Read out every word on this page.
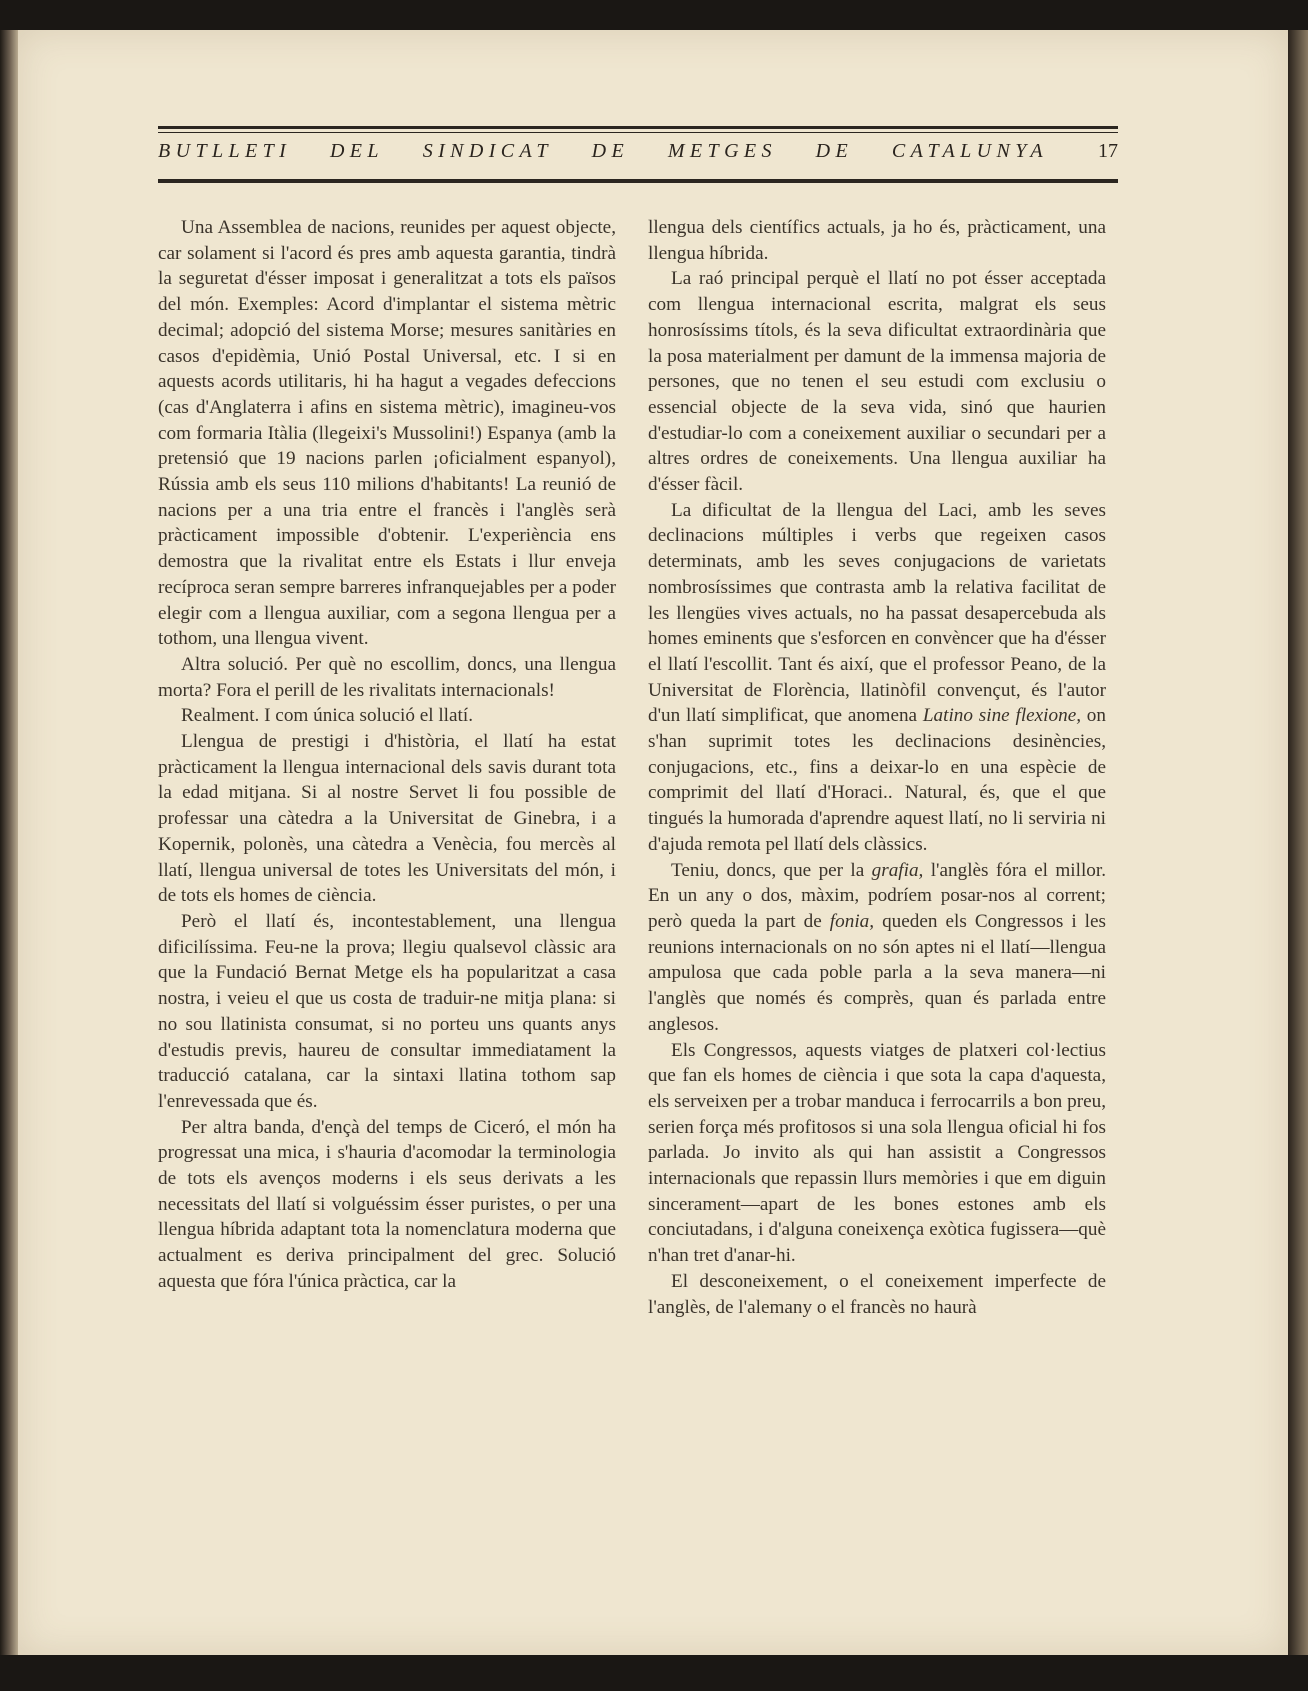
BUTLLETI DEL SINDICAT DE METGES DE CATALUNYA	17

Una Assemblea de nacions, reunides per aquest objecte, car solament si l'acord és pres amb aquesta garantia, tindrà la seguretat d'ésser imposat i generalitzat a tots els països del món. Exemples: Acord d'implantar el sistema mètric decimal; adopció del sistema Morse; mesures sanitàries en casos d'epidèmia, Unió Postal Universal, etc. I si en aquests acords utilitaris, hi ha hagut a vegades defeccions (cas d'Anglaterra i afins en sistema mètric), imagineu-vos com formaria Itàlia (llegeixi's Mussolini!) Espanya (amb la pretensió que 19 nacions parlen ¡oficialment espanyol), Rússia amb els seus 110 milions d'habitants! La reunió de nacions per a una tria entre el francès i l'anglès serà pràcticament impossible d'obtenir. L'experiència ens demostra que la rivalitat entre els Estats i llur enveja recíproca seran sempre barreres infranquejables per a poder elegir com a llengua auxiliar, com a segona llengua per a tothom, una llengua vivent.

Altra solució. Per què no escollim, doncs, una llengua morta? Fora el perill de les rivalitats internacionals!

Realment. I com única solució el llatí.

Llengua de prestigi i d'història, el llatí ha estat pràcticament la llengua internacional dels savis durant tota la edad mitjana. Si al nostre Servet li fou possible de professar una càtedra a la Universitat de Ginebra, i a Kopernik, polonès, una càtedra a Venècia, fou mercès al llatí, llengua universal de totes les Universitats del món, i de tots els homes de ciència.

Però el llatí és, incontestablement, una llengua dificilíssima. Feu-ne la prova; llegiu qualsevol clàssic ara que la Fundació Bernat Metge els ha popularitzat a casa nostra, i veieu el que us costa de traduir-ne mitja plana: si no sou llatinista consumat, si no porteu uns quants anys d'estudis previs, haureu de consultar immediatament la traducció catalana, car la sintaxi llatina tothom sap l'enrevessada que és.

Per altra banda, d'ençà del temps de Ciceró, el món ha progressat una mica, i s'hauria d'acomodar la terminologia de tots els avenços moderns i els seus derivats a les necessitats del llatí si volguéssim ésser puristes, o per una llengua híbrida adaptant tota la nomenclatura moderna que actualment es deriva principalment del grec. Solució aquesta que fóra l'única pràctica, car la

llengua dels científics actuals, ja ho és, pràcticament, una llengua híbrida.

La raó principal perquè el llatí no pot ésser acceptada com llengua internacional escrita, malgrat els seus honrosíssims títols, és la seva dificultat extraordinària que la posa materialment per damunt de la immensa majoria de persones, que no tenen el seu estudi com exclusiu o essencial objecte de la seva vida, sinó que haurien d'estudiar-lo com a coneixement auxiliar o secundari per a altres ordres de coneixements. Una llengua auxiliar ha d'ésser fàcil.

La dificultat de la llengua del Laci, amb les seves declinacions múltiples i verbs que regeixen casos determinats, amb les seves conjugacions de varietats nombrosíssimes que contrasta amb la relativa facilitat de les llengües vives actuals, no ha passat desapercebuda als homes eminents que s'esforcen en convèncer que ha d'ésser el llatí l'escollit. Tant és així, que el professor Peano, de la Universitat de Florència, llatinòfil convençut, és l'autor d'un llatí simplificat, que anomena Latino sine flexione, on s'han suprimit totes les declinacions desinències, conjugacions, etc., fins a deixar-lo en una espècie de comprimit del llatí d'Horaci.. Natural, és, que el que tingués la humorada d'aprendre aquest llatí, no li serviria ni d'ajuda remota pel llatí dels clàssics.

Teniu, doncs, que per la grafia, l'anglès fóra el millor. En un any o dos, màxim, podríem posar-nos al corrent; però queda la part de fonia, queden els Congressos i les reunions internacionals on no són aptes ni el llatí—llengua ampulosa que cada poble parla a la seva manera—ni l'anglès que només és comprès, quan és parlada entre anglesos.

Els Congressos, aquests viatges de platxeri col·lectius que fan els homes de ciència i que sota la capa d'aquesta, els serveixen per a trobar manduca i ferrocarrils a bon preu, serien força més profitosos si una sola llengua oficial hi fos parlada. Jo invito als qui han assistit a Congressos internacionals que repassin llurs memòries i que em diguin sincerament—apart de les bones estones amb els conciutadans, i d'alguna coneixença exòtica fugissera—què n'han tret d'anar-hi.

El desconeixement, o el coneixement imperfecte de l'anglès, de l'alemany o el francès no haurà
